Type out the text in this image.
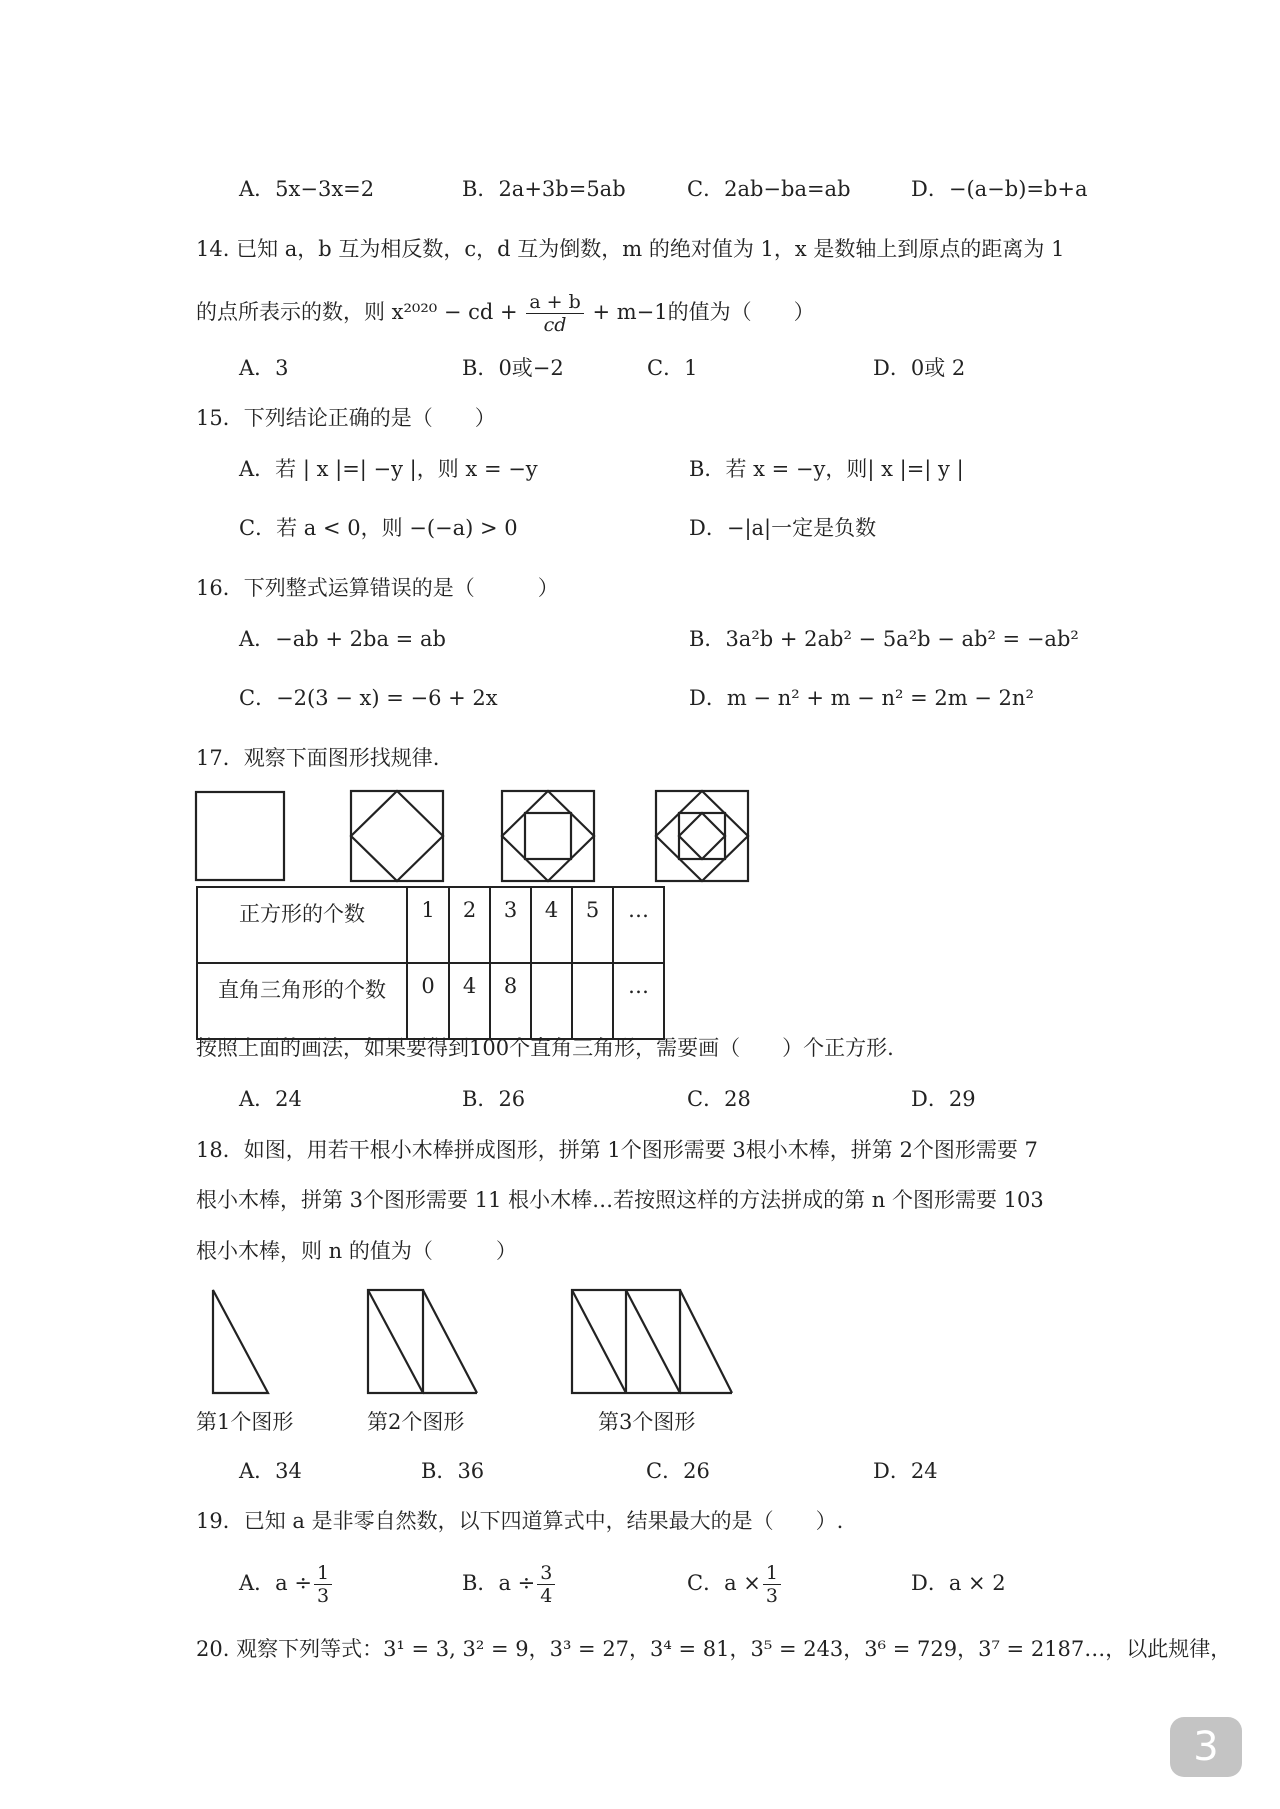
A．5x−3x=2	B．2a+3b=5ab	C．2ab−ba=ab	D．−(a−b)=b+a
14. 已知 a，b 互为相反数，c，d 互为倒数，m 的绝对值为 1，x 是数轴上到原点的距离为 1
的点所表示的数，则 x²⁰²⁰ − cd + $\frac{a + b}{cd} + m-1$的值为（　　）
A．3	B．0或−2	C．1	D．0或 2
15．下列结论正确的是（　　）
A．若 | x |=| −y |，则 x = −y	B．若 x = −y，则| x |=| y |
C．若 a < 0，则 −(−a) > 0	D．−|a|一定是负数
16．下列整式运算错误的是（　　　）
A．−ab + 2ba = ab	B．3a²b + 2ab² − 5a²b − ab² = −ab²
C．−2(3 − x) = −6 + 2x	D．m − n² + m − n² = 2m − 2n²
17．观察下面图形找规律.
正方形的个数	1	2	3	4	5	…
直角三角形的个数	0	4	8			…
按照上面的画法，如果要得到100个直角三角形，需要画（　　）个正方形.
A．24	B．26	C．28	D．29
18．如图，用若干根小木棒拼成图形，拼第 1个图形需要 3根小木棒，拼第 2个图形需要 7
根小木棒，拼第 3个图形需要 11 根小木棒…若按照这样的方法拼成的第 n 个图形需要 103
根小木棒，则 n 的值为（　　　）
第1个图形	第2个图形	第3个图形
A．34	B．36	C．26	D．24
19．已知 a 是非零自然数，以下四道算式中，结果最大的是（　　）.
A．$a \div \frac{1}{3}$	B．$a \div \frac{3}{4}$	C．$a \times \frac{1}{3}$	D．a × 2
20. 观察下列等式：3¹ = 3, 3² = 9，3³ = 27，3⁴ = 81，3⁵ = 243，3⁶ = 729，3⁷ = 2187…，以此规律，
3
